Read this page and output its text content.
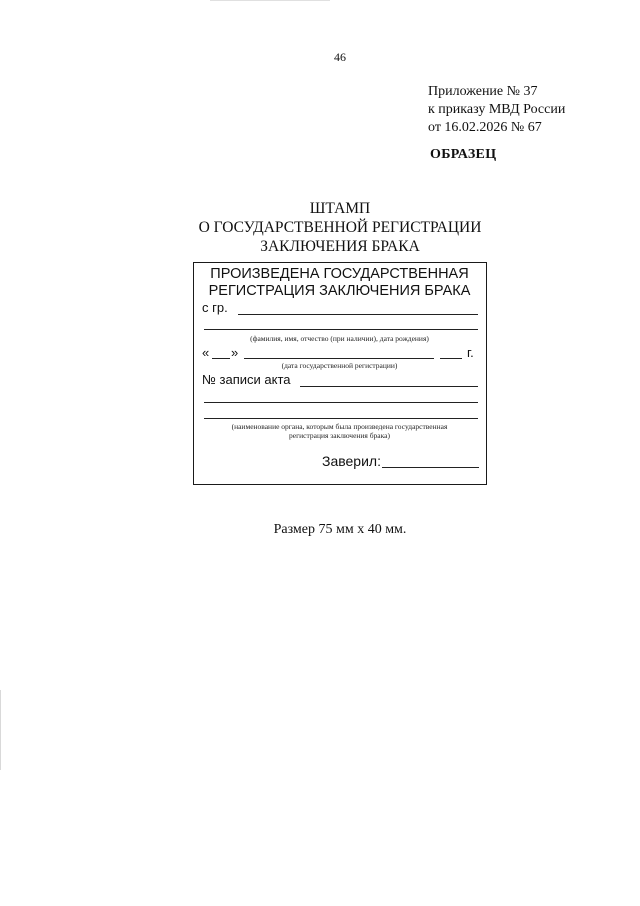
46
Приложение № 37
к приказу МВД России
от 16.02.2026 № 67
ОБРАЗЕЦ
ШТАМП
О ГОСУДАРСТВЕННОЙ РЕГИСТРАЦИИ
ЗАКЛЮЧЕНИЯ БРАКА
ПРОИЗВЕДЕНА ГОСУДАРСТВЕННАЯ
РЕГИСТРАЦИЯ ЗАКЛЮЧЕНИЯ БРАКА
с гр.
(фамилия, имя, отчество (при наличии), дата рождения)
« »	г.
(дата государственной регистрации)
№ записи акта
(наименование органа, которым была произведена государственная
регистрация заключения брака)
Заверил:
Размер 75 мм х 40 мм.
